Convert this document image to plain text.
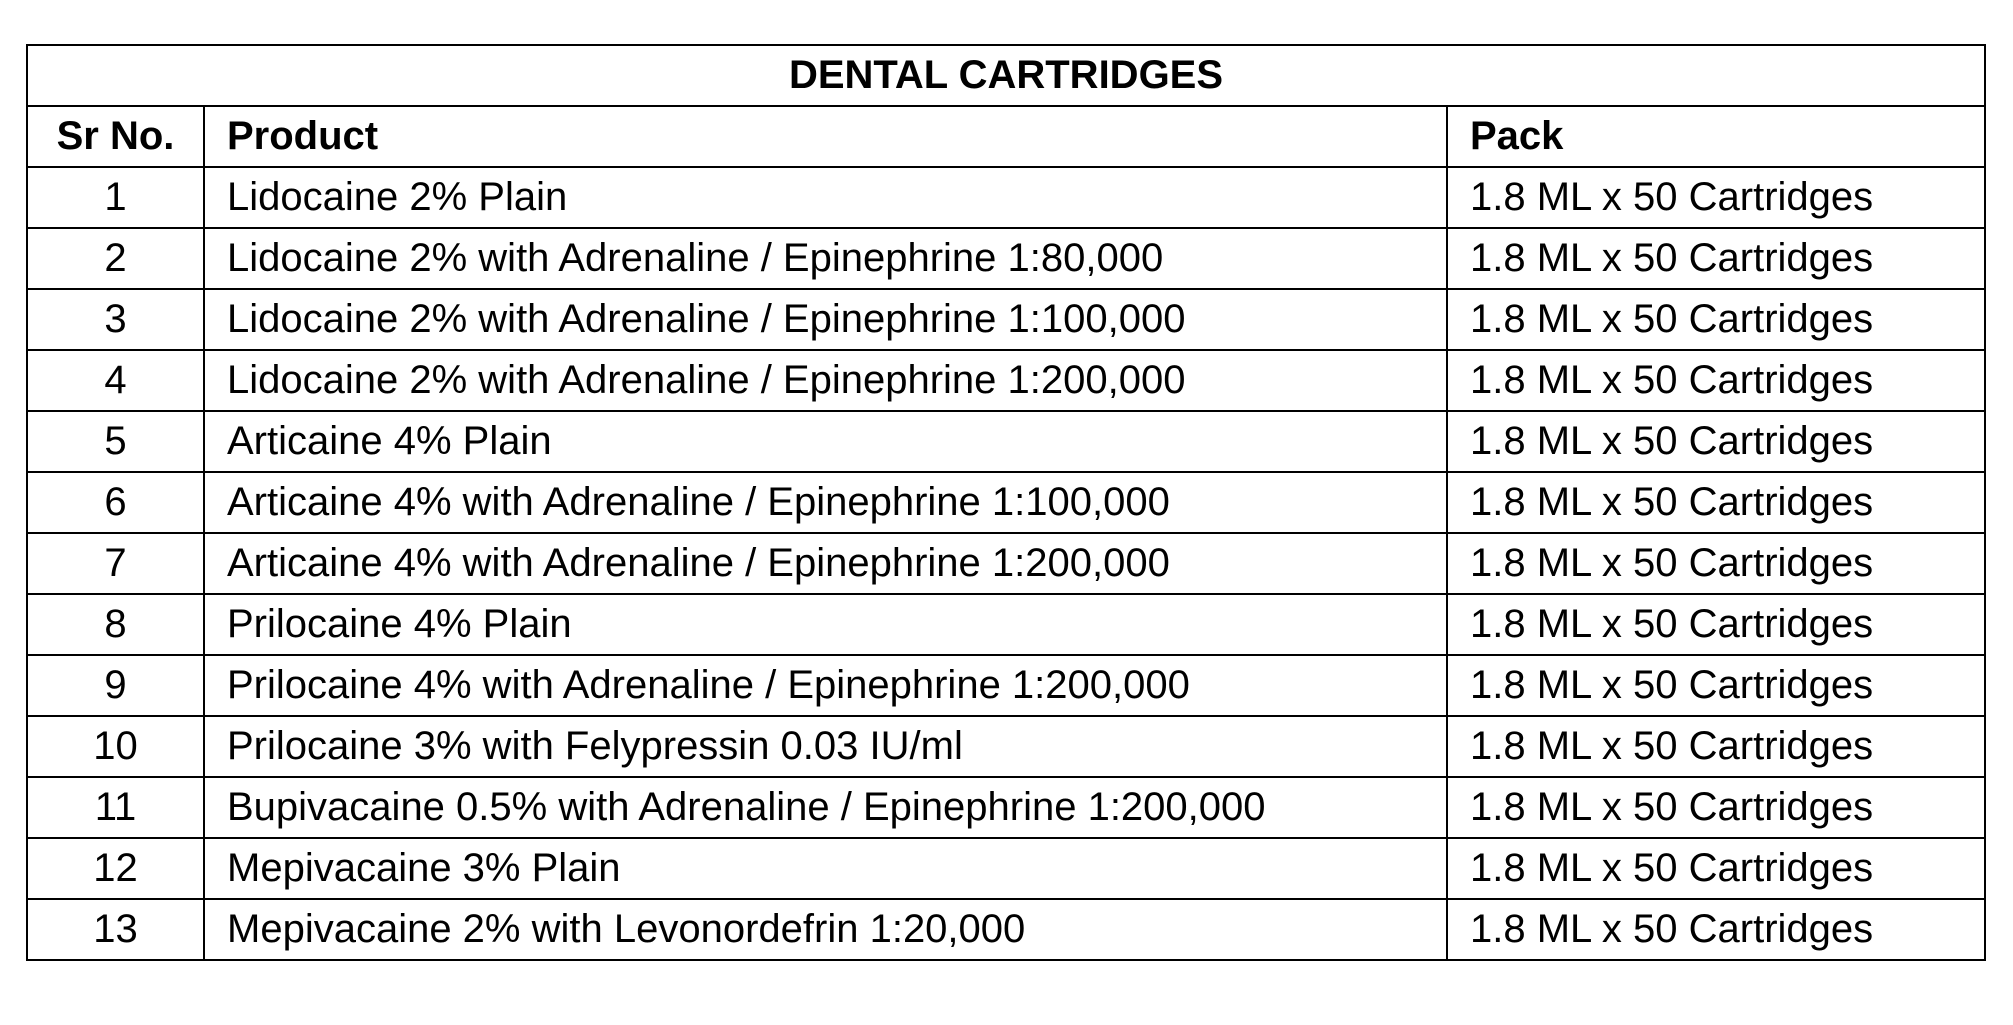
DENTAL CARTRIDGES		
Sr No.	Product	Pack
1	Lidocaine 2% Plain	1.8 ML x 50 Cartridges
2	Lidocaine 2% with Adrenaline / Epinephrine 1:80,000	1.8 ML x 50 Cartridges
3	Lidocaine 2% with Adrenaline / Epinephrine 1:100,000	1.8 ML x 50 Cartridges
4	Lidocaine 2% with Adrenaline / Epinephrine 1:200,000	1.8 ML x 50 Cartridges
5	Articaine 4% Plain	1.8 ML x 50 Cartridges
6	Articaine 4% with Adrenaline / Epinephrine 1:100,000	1.8 ML x 50 Cartridges
7	Articaine 4% with Adrenaline / Epinephrine 1:200,000	1.8 ML x 50 Cartridges
8	Prilocaine 4% Plain	1.8 ML x 50 Cartridges
9	Prilocaine 4% with Adrenaline / Epinephrine 1:200,000	1.8 ML x 50 Cartridges
10	Prilocaine 3% with Felypressin 0.03 IU/ml	1.8 ML x 50 Cartridges
11	Bupivacaine 0.5% with Adrenaline / Epinephrine 1:200,000	1.8 ML x 50 Cartridges
12	Mepivacaine 3% Plain	1.8 ML x 50 Cartridges
13	Mepivacaine 2% with Levonordefrin 1:20,000	1.8 ML x 50 Cartridges
